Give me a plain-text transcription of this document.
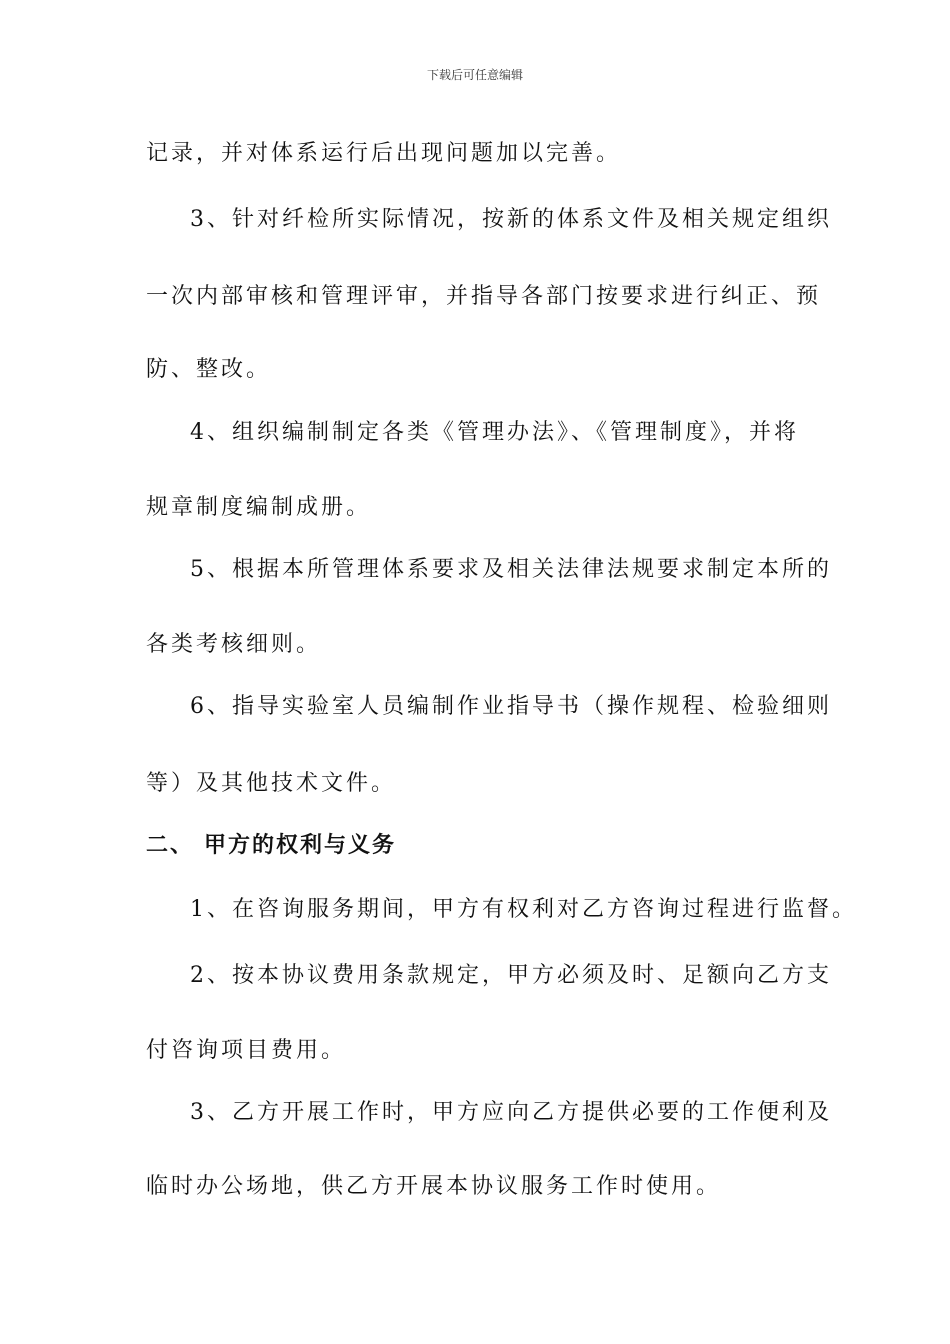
下载后可任意编辑
记录，并对体系运行后出现问题加以完善。
3、针对纤检所实际情况，按新的体系文件及相关规定组织
一次内部审核和管理评审，并指导各部门按要求进行纠正、预
防、整改。
4、组织编制制定各类《管理办法》、《管理制度》，并将
规章制度编制成册。
5、根据本所管理体系要求及相关法律法规要求制定本所的
各类考核细则。
6、指导实验室人员编制作业指导书（操作规程、检验细则
等）及其他技术文件。
二、 甲方的权利与义务
1、在咨询服务期间，甲方有权利对乙方咨询过程进行监督。
2、按本协议费用条款规定，甲方必须及时、足额向乙方支
付咨询项目费用。
3、乙方开展工作时，甲方应向乙方提供必要的工作便利及
临时办公场地，供乙方开展本协议服务工作时使用。
